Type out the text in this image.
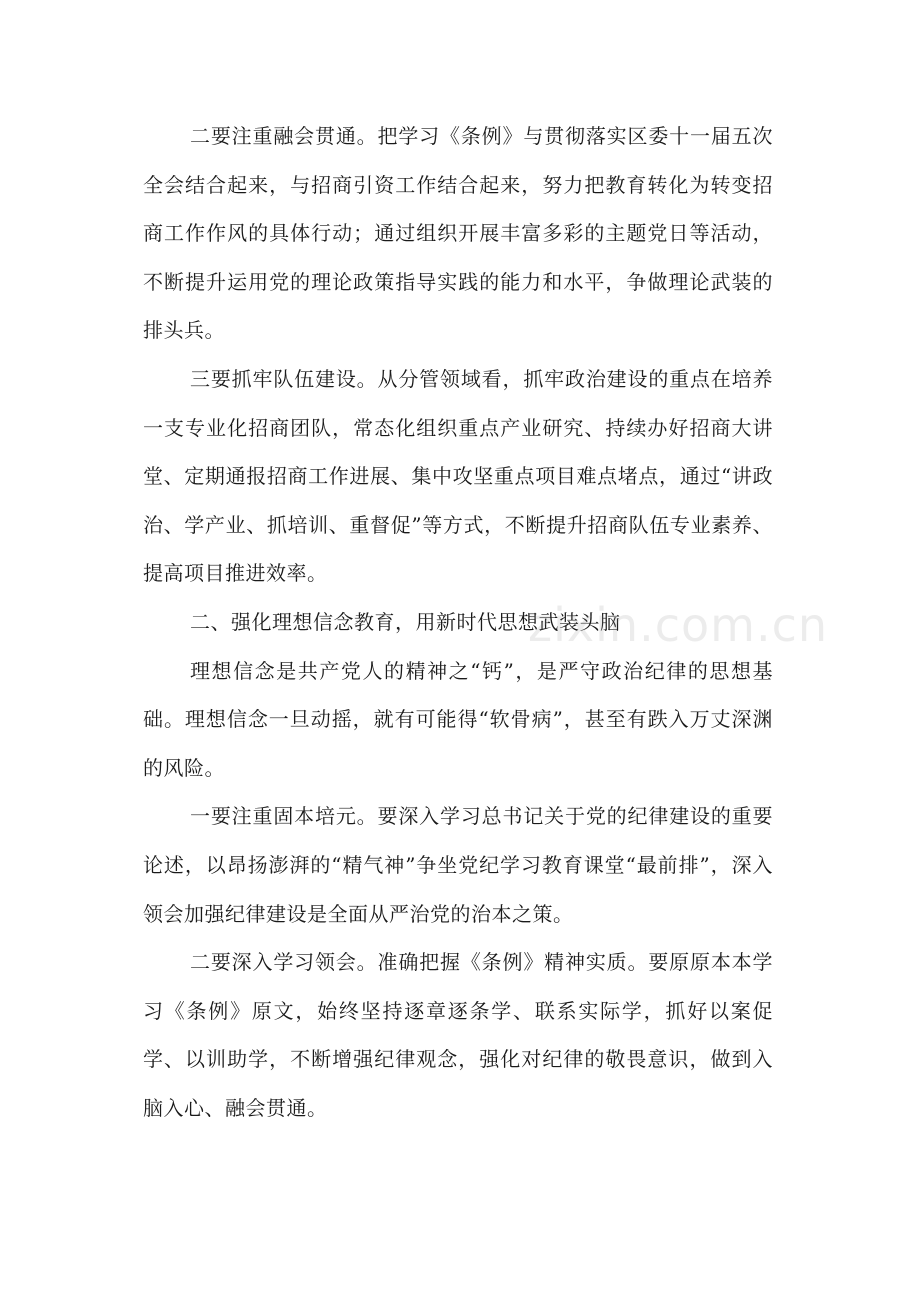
二要注重融会贯通。把学习《条例》与贯彻落实区委十一届五次全会结合起来，与招商引资工作结合起来，努力把教育转化为转变招商工作作风的具体行动；通过组织开展丰富多彩的主题党日等活动，不断提升运用党的理论政策指导实践的能力和水平，争做理论武装的排头兵。

三要抓牢队伍建设。从分管领域看，抓牢政治建设的重点在培养一支专业化招商团队，常态化组织重点产业研究、持续办好招商大讲堂、定期通报招商工作进展、集中攻坚重点项目难点堵点，通过“讲政治、学产业、抓培训、重督促”等方式，不断提升招商队伍专业素养、提高项目推进效率。

二、强化理想信念教育，用新时代思想武装头脑

理想信念是共产党人的精神之“钙”，是严守政治纪律的思想基础。理想信念一旦动摇，就有可能得“软骨病”，甚至有跌入万丈深渊的风险。

一要注重固本培元。要深入学习总书记关于党的纪律建设的重要论述，以昂扬澎湃的“精气神”争坐党纪学习教育课堂“最前排”，深入领会加强纪律建设是全面从严治党的治本之策。

二要深入学习领会。准确把握《条例》精神实质。要原原本本学习《条例》原文，始终坚持逐章逐条学、联系实际学，抓好以案促学、以训助学，不断增强纪律观念，强化对纪律的敬畏意识，做到入脑入心、融会贯通。

zixin.com.cn
